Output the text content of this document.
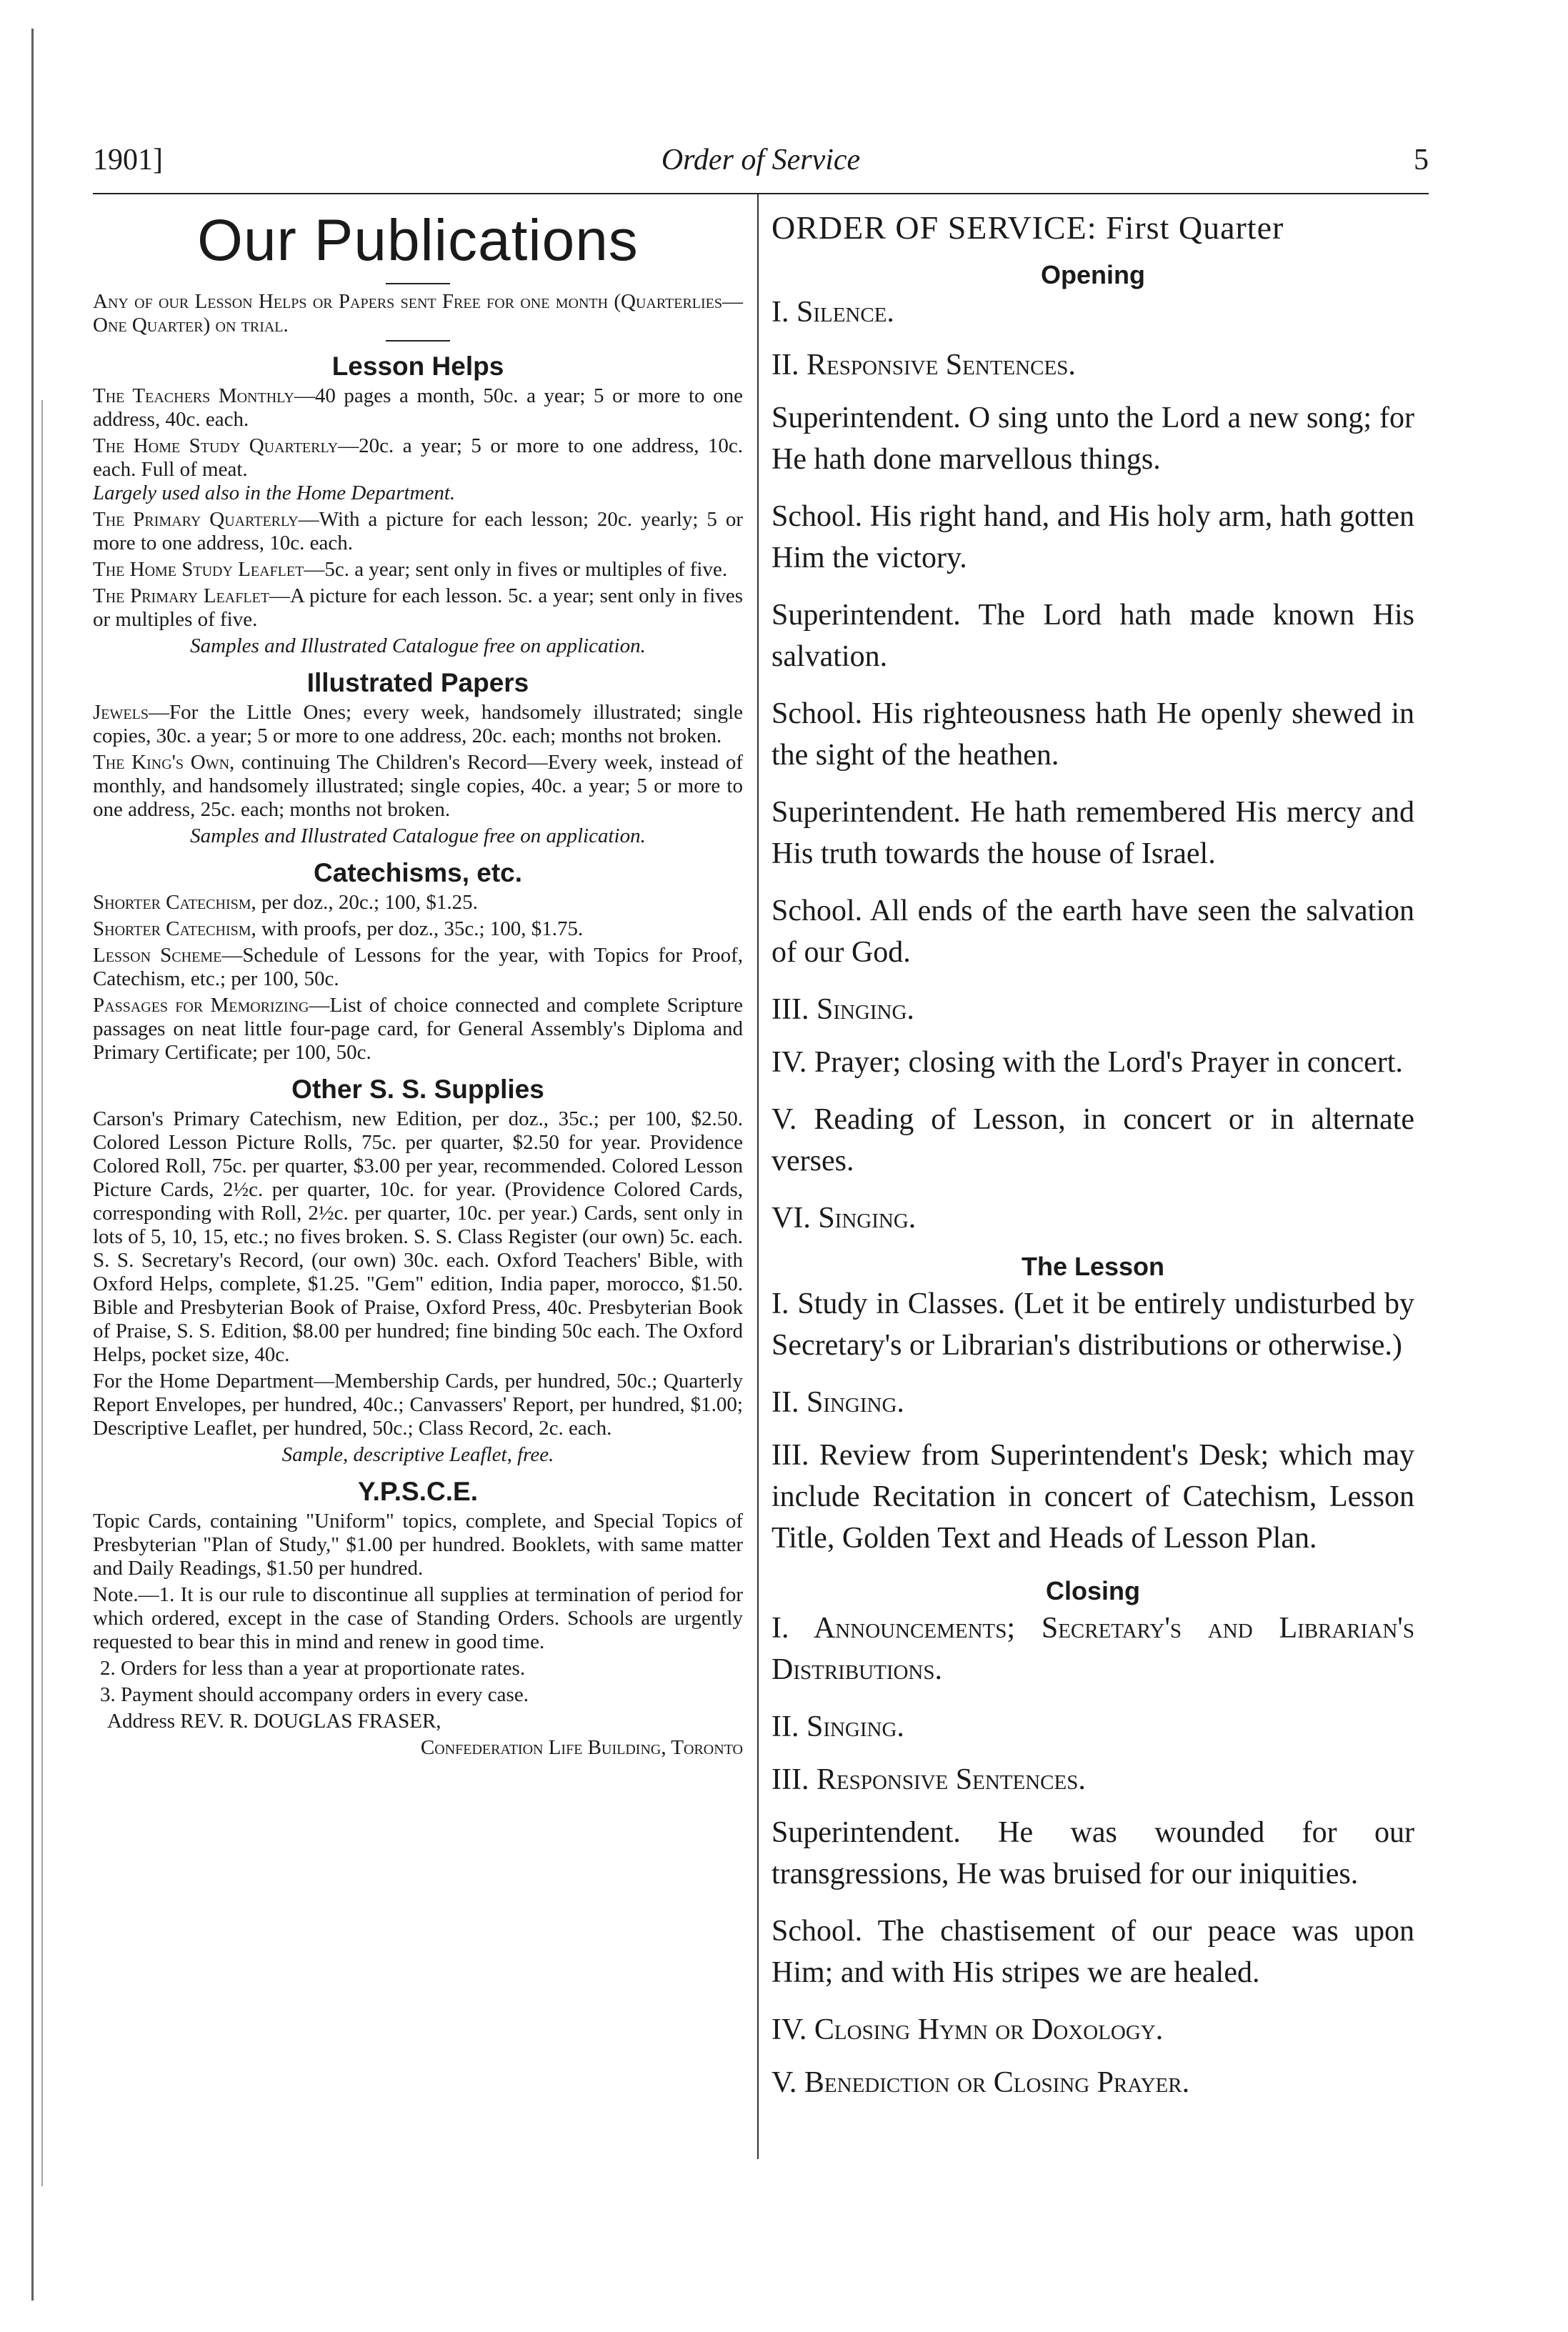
1901]	Order of Service	5
Our Publications
Any of our Lesson Helps or Papers sent Free for one month (Quarterlies—One Quarter) on trial.
Lesson Helps

The Teachers Monthly—40 pages a month, 50c. a year; 5 or more to one address, 40c. each.

The Home Study Quarterly—20c. a year; 5 or more to one address, 10c. each. Full of meat.

Largely used also in the Home Department.

The Primary Quarterly—With a picture for each lesson; 20c. yearly; 5 or more to one address, 10c. each.

The Home Study Leaflet—5c. a year; sent only in fives or multiples of five.

The Primary Leaflet—A picture for each lesson. 5c. a year; sent only in fives or multiples of five.

Samples and Illustrated Catalogue free on application.
Illustrated Papers

Jewels—For the Little Ones; every week, handsomely illustrated; single copies, 30c. a year; 5 or more to one address, 20c. each; months not broken.

The King's Own, continuing The Children's Record—Every week, instead of monthly, and handsomely illustrated; single copies, 40c. a year; 5 or more to one address, 25c. each; months not broken.

Samples and Illustrated Catalogue free on application.
Catechisms, etc.

Shorter Catechism, per doz., 20c.; 100, $1.25.

Shorter Catechism, with proofs, per doz., 35c.; 100, $1.75.

Lesson Scheme—Schedule of Lessons for the year, with Topics for Proof, Catechism, etc.; per 100, 50c.

Passages for Memorizing—List of choice connected and complete Scripture passages on neat little four-page card, for General Assembly's Diploma and Primary Certificate; per 100, 50c.

Other S. S. Supplies

Carson's Primary Catechism, new Edition, per doz., 35c.; per 100, $2.50. Colored Lesson Picture Rolls, 75c. per quarter, $2.50 for year. Providence Colored Roll, 75c. per quarter, $3.00 per year, recommended. Colored Lesson Picture Cards, 2½c. per quarter, 10c. for year. (Providence Colored Cards, corresponding with Roll, 2½c. per quarter, 10c. per year.) Cards, sent only in lots of 5, 10, 15, etc.; no fives broken. S. S. Class Register (our own) 5c. each. S. S. Secretary's Record, (our own) 30c. each. Oxford Teachers' Bible, with Oxford Helps, complete, $1.25. "Gem" edition, India paper, morocco, $1.50. Bible and Presbyterian Book of Praise, Oxford Press, 40c. Presbyterian Book of Praise, S. S. Edition, $8.00 per hundred; fine binding 50c each. The Oxford Helps, pocket size, 40c.

For the Home Department—Membership Cards, per hundred, 50c.; Quarterly Report Envelopes, per hundred, 40c.; Canvassers' Report, per hundred, $1.00; Descriptive Leaflet, per hundred, 50c.; Class Record, 2c. each.

Sample, descriptive Leaflet, free.
Y.P.S.C.E.

Topic Cards, containing "Uniform" topics, complete, and Special Topics of Presbyterian "Plan of Study," $1.00 per hundred. Booklets, with same matter and Daily Readings, $1.50 per hundred.

Note.—1. It is our rule to discontinue all supplies at termination of period for which ordered, except in the case of Standing Orders. Schools are urgently requested to bear this in mind and renew in good time.

2. Orders for less than a year at proportionate rates.

3. Payment should accompany orders in every case.

Address REV. R. DOUGLAS FRASER,

Confederation Life Building, Toronto

ORDER OF SERVICE: First Quarter
Opening

I. Silence.

II. Responsive Sentences.

Superintendent. O sing unto the Lord a new song; for He hath done marvellous things.

School. His right hand, and His holy arm, hath gotten Him the victory.

Superintendent. The Lord hath made known His salvation.

School. His righteousness hath He openly shewed in the sight of the heathen.

Superintendent. He hath remembered His mercy and His truth towards the house of Israel.

School. All ends of the earth have seen the salvation of our God.

III. Singing.

IV. Prayer; closing with the Lord's Prayer in concert.

V. Reading of Lesson, in concert or in alternate verses.

VI. Singing.

The Lesson

I. Study in Classes. (Let it be entirely undisturbed by Secretary's or Librarian's distributions or otherwise.)

II. Singing.

III. Review from Superintendent's Desk; which may include Recitation in concert of Catechism, Lesson Title, Golden Text and Heads of Lesson Plan.

Closing

I. Announcements; Secretary's and Librarian's Distributions.

II. Singing.

III. Responsive Sentences.

Superintendent. He was wounded for our transgressions, He was bruised for our iniquities.

School. The chastisement of our peace was upon Him; and with His stripes we are healed.

IV. Closing Hymn or Doxology.

V. Benediction or Closing Prayer.
